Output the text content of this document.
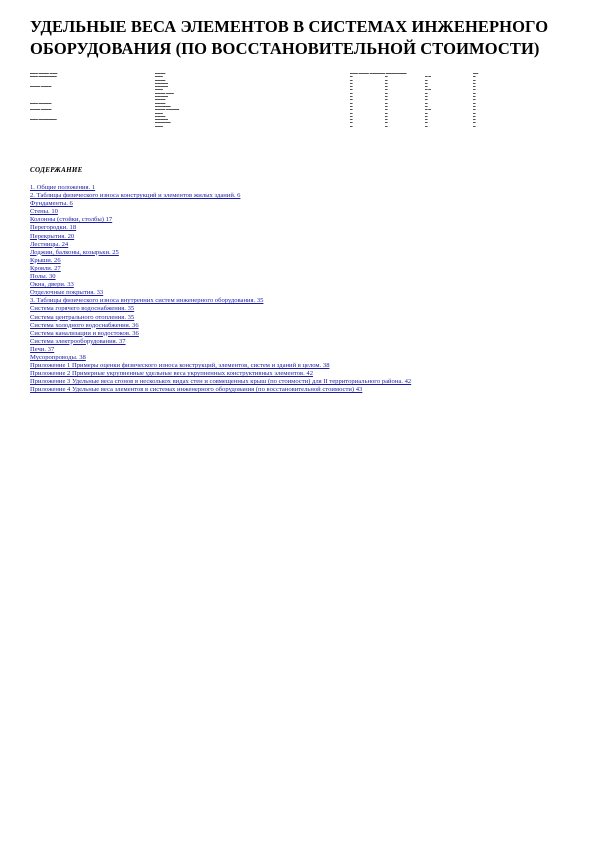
УДЕЛЬНЫЕ ВЕСА ЭЛЕМЕНТОВ В СИСТЕМАХ ИНЖЕНЕРНОГО
ОБОРУДОВАНИЯ (ПО ВОССТАНОВИТЕЛЬНОЙ СТОИМОСТИ)
▬▬▬ ▬▬▬▬ ▬▬▬	▬▬▬▬	▬▬▬ ▬▬▬▬ ▬▬▬▬▬▬ ▬▬▬▬▬▬▬▬			▬▬
▬▬▬ ▬▬▬▬▬▬▬	▬▬▬	▬	▬	▬ ▬	▬
	▬▬▬▬	▬	▬	▬	▬
	▬▬▬▬▬	▬	▬	▬	▬
▬▬▬▬ ▬▬▬▬	▬▬▬▬▬	▬	▬	▬	▬
	▬▬▬	▬	▬	▬ ▬	▬
	▬▬▬▬ ▬▬▬	▬	▬	▬	▬
	▬▬▬▬▬	▬	▬	▬	▬
	▬▬▬▬	▬	▬	▬	▬
▬▬▬ ▬▬▬▬▬	▬▬▬▬	▬	▬	▬	▬
	▬▬▬▬▬▬	▬	▬	▬	▬
▬▬▬▬ ▬▬▬▬	▬▬▬▬ ▬▬▬▬▬	▬	▬	▬ ▬	▬
	▬▬▬	▬	▬	▬	▬
	▬▬▬▬	▬	▬	▬	▬
▬▬▬ ▬▬▬▬▬▬▬	▬▬▬▬▬	▬	▬	▬	▬
	▬▬▬▬▬▬	▬	▬	▬	▬
	▬▬▬	▬	▬	▬	▬
СОДЕРЖАНИЕ
1. Общие положения. 1
2. Таблицы физического износа конструкций и элементов жилых зданий. 6
Фундаменты. 6
Стены. 10
Колонны (стойки, столбы) 17
Перегородки. 18
Перекрытия. 20
Лестницы. 24
Лоджии, балконы, козырьки. 25
Крыши. 26
Кровли. 27
Полы. 30
Окна, двери. 33
Отделочные покрытия. 33
3. Таблицы физического износа внутренних систем инженерного оборудования. 35
Система горячего водоснабжения. 35
Система центрального отопления. 35
Система холодного водоснабжения. 36
Система канализации и водостоков. 36
Система электрооборудования. 37
Печи. 37
Мусоропроводы. 38
Приложение 1 Примеры оценки физического износа конструкций, элементов, систем и зданий в целом. 38
Приложение 2 Примерные укрупненные удельные веса укрупненных конструктивных элементов. 42
Приложение 3 Удельные веса сгонов в несколькох видах стен и совмещенных крыш (по стоимости) для II территориального района. 42
Приложение 4 Удельные веса элементов в системах инженерного оборудования (по восстановительной стоимости) 43
